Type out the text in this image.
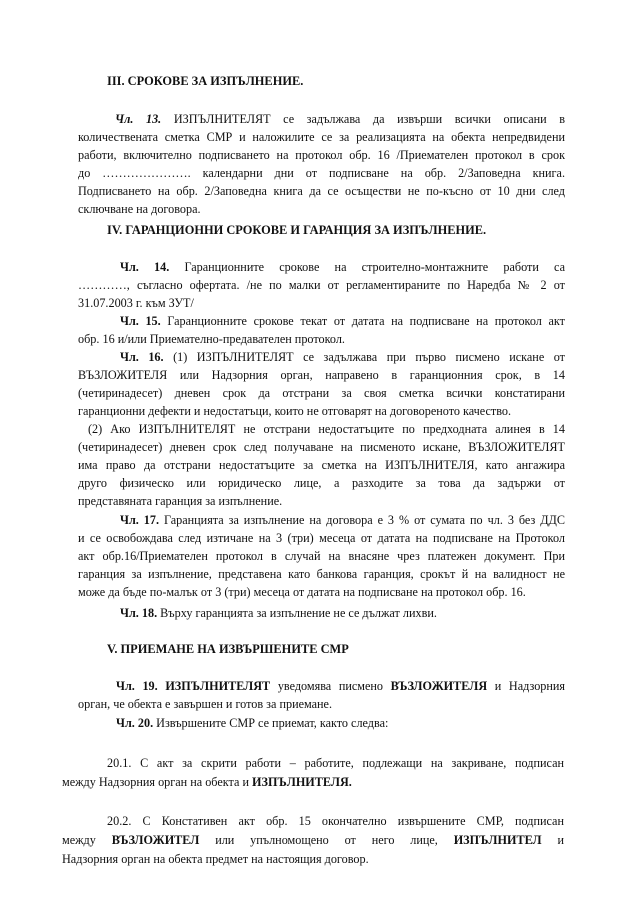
III. СРОКОВЕ ЗА ИЗПЪЛНЕНИЕ.
Чл. 13. ИЗПЪЛНИТЕЛЯТ се задължава да извърши всички описани в
количествената сметка СМР и наложилите се за реализацията на обекта непредвидени
работи, включително подписването на протокол обр. 16 /Приемателен протокол в срок
до …………………. календарни дни от подписване на обр. 2/Заповедна книга.
Подписването на обр. 2/Заповедна книга да се осъществи не по-късно от 10 дни след
сключване на договора.
IV. ГАРАНЦИОННИ СРОКОВЕ И ГАРАНЦИЯ ЗА ИЗПЪЛНЕНИЕ.
Чл. 14. Гаранционните срокове на строително-монтажните работи са
…………, съгласно офертата. /не по малки от регламентираните по Наредба № 2 от
31.07.2003 г. към ЗУТ/
Чл. 15. Гаранционните срокове текат от датата на подписване на протокол акт
обр. 16 и/или Приемателно-предавателен протокол.
Чл. 16. (1) ИЗПЪЛНИТЕЛЯТ се задължава при първо писмено искане от
ВЪЗЛОЖИТЕЛЯ или Надзорния орган, направено в гаранционния срок, в 14
(четиринадесет) дневен срок да отстрани за своя сметка всички констатирани
гаранционни дефекти и недостатъци, които не отговарят на договореното качество.
(2) Ако ИЗПЪЛНИТЕЛЯТ не отстрани недостатъците по предходната алинея в 14
(четиринадесет) дневен срок след получаване на писменото искане, ВЪЗЛОЖИТЕЛЯТ
има право да отстрани недостатъците за сметка на ИЗПЪЛНИТЕЛЯ, като ангажира
друго физическо или юридическо лице, а разходите за това да задържи от
представяната гаранция за изпълнение.
Чл. 17. Гаранцията за изпълнение на договора е 3 % от сумата по чл. 3 без ДДС
и се освобождава след изтичане на 3 (три) месеца от датата на подписване на Протокол
акт обр.16/Приемателен протокол в случай на внасяне чрез платежен документ. При
гаранция за изпълнение, представена като банкова гаранция, срокът й на валидност не
може да бъде по-малък от 3 (три) месеца от датата на подписване на протокол обр. 16.
Чл. 18. Върху гаранцията за изпълнение не се дължат лихви.
V. ПРИЕМАНЕ НА ИЗВЪРШЕНИТЕ СМР
Чл. 19. ИЗПЪЛНИТЕЛЯТ уведомява писмено ВЪЗЛОЖИТЕЛЯ и Надзорния
орган, че обекта е завършен и готов за приемане.
Чл. 20. Извършените СМР се приемат, както следва:
20.1. С акт за скрити работи – работите, подлежащи на закриване, подписан
между Надзорния орган на обекта и ИЗПЪЛНИТЕЛЯ.
20.2. С Констативен акт обр. 15 окончателно извършените СМР, подписан
между ВЪЗЛОЖИТЕЛ или упълномощено от него лице, ИЗПЪЛНИТЕЛ и
Надзорния орган на обекта предмет на настоящия договор.
